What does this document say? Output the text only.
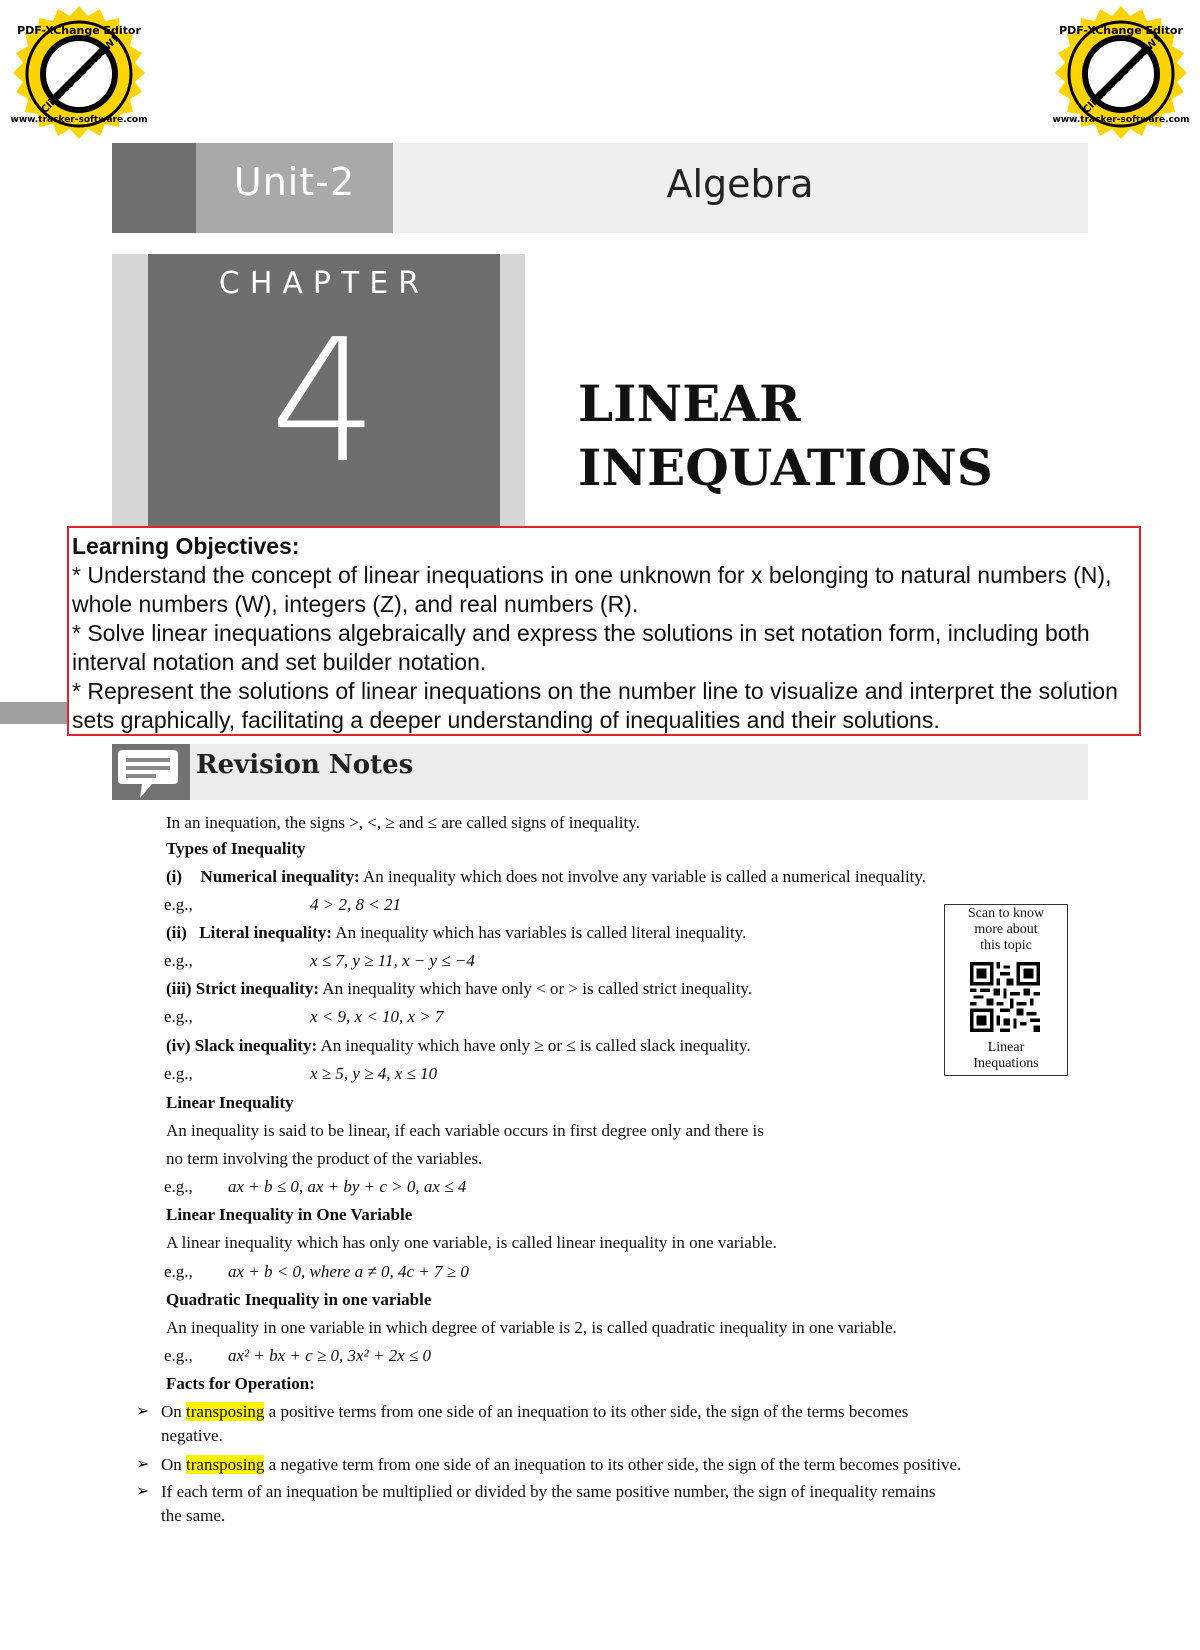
PDF-XChange Editor
Click to BUY NOW!
www.tracker-software.com
PDF-XChange Editor
Click to BUY NOW!
www.tracker-software.com
Unit-2	Algebra
CHAPTER
4	LINEAR
INEQUATIONS
Learning Objectives:
* Understand the concept of linear inequations in one unknown for x belonging to natural numbers (N), whole numbers (W), integers (Z), and real numbers (R).
* Solve linear inequations algebraically and express the solutions in set notation form, including both interval notation and set builder notation.
* Represent the solutions of linear inequations on the number line to visualize and interpret the solution sets graphically, facilitating a deeper understanding of inequalities and their solutions.
Revision Notes
In an inequation, the signs >, <, ≥ and ≤ are called signs of inequality.
Types of Inequality
(i) Numerical inequality: An inequality which does not involve any variable is called a numerical inequality.
e.g.,	4 > 2, 8 < 21
(ii) Literal inequality: An inequality which has variables is called literal inequality.
e.g.,	x ≤ 7, y ≥ 11, x − y ≤ −4
(iii) Strict inequality: An inequality which have only < or > is called strict inequality.
e.g.,	x < 9, x < 10, x > 7
(iv) Slack inequality: An inequality which have only ≥ or ≤ is called slack inequality.
e.g.,	x ≥ 5, y ≥ 4, x ≤ 10
Scan to know
more about
this topic
Linear
Inequations
Linear Inequality
An inequality is said to be linear, if each variable occurs in first degree only and there is
no term involving the product of the variables.
e.g., ax + b ≤ 0, ax + by + c > 0, ax ≤ 4
Linear Inequality in One Variable
A linear inequality which has only one variable, is called linear inequality in one variable.
e.g., ax + b < 0, where a ≠ 0, 4c + 7 ≥ 0
Quadratic Inequality in one variable
An inequality in one variable in which degree of variable is 2, is called quadratic inequality in one variable.
e.g., ax² + bx + c ≥ 0, 3x² + 2x ≤ 0
Facts for Operation:
➢ On transposing a positive terms from one side of an inequation to its other side, the sign of the terms becomes
negative.
➢ On transposing a negative term from one side of an inequation to its other side, the sign of the term becomes positive.
➢ If each term of an inequation be multiplied or divided by the same positive number, the sign of inequality remains
the same.
